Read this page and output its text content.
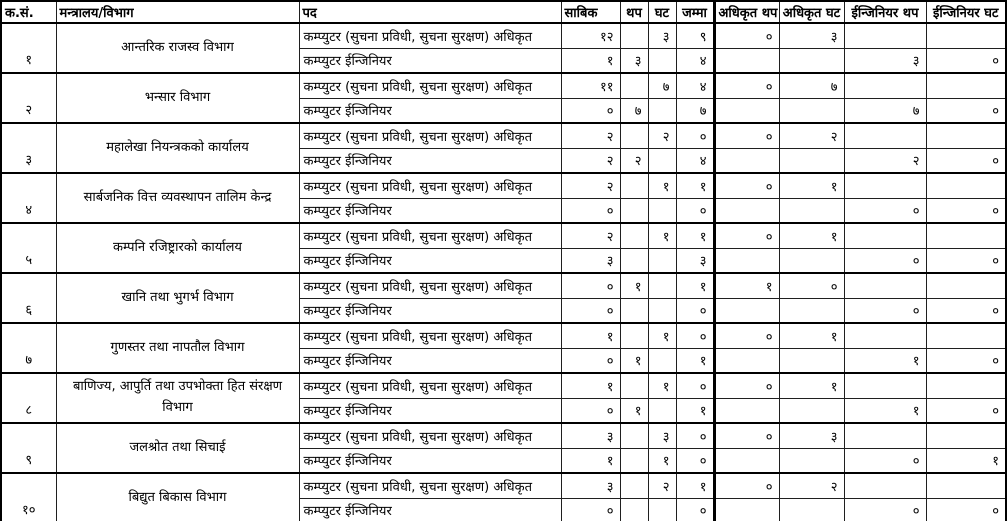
क.सं.	मन्त्रालय/विभाग	पद	साबिक	थप	घट	जम्मा	अधिकृत थप	अधिकृत घट	ईन्जिनियर थप	ईन्जिनियर घट
१	आन्तरिक राजस्व विभाग	कम्प्युटर (सुचना प्रविधी, सुचना सुरक्षण) अधिकृत	१२		३	९	०	३		
		कम्प्युटर ईन्जिनियर	१	३		४			३	०
२	भन्सार विभाग	कम्प्युटर (सुचना प्रविधी, सुचना सुरक्षण) अधिकृत	११		७	४	०	७		
		कम्प्युटर ईन्जिनियर	०	७		७			७	०
३	महालेखा नियन्त्रकको कार्यालय	कम्प्युटर (सुचना प्रविधी, सुचना सुरक्षण) अधिकृत	२		२	०	०	२		
		कम्प्युटर ईन्जिनियर	२	२		४			२	०
४	सार्बजनिक वित्त व्यवस्थापन तालिम केन्द्र	कम्प्युटर (सुचना प्रविधी, सुचना सुरक्षण) अधिकृत	२		१	१	०	१		
		कम्प्युटर ईन्जिनियर	०			०			०	०
५	कम्पनि रजिष्ट्रारको कार्यालय	कम्प्युटर (सुचना प्रविधी, सुचना सुरक्षण) अधिकृत	२		१	१	०	१		
		कम्प्युटर ईन्जिनियर	३			३			०	०
६	खानि तथा भुगर्भ विभाग	कम्प्युटर (सुचना प्रविधी, सुचना सुरक्षण) अधिकृत	०	१		१	१	०		
		कम्प्युटर ईन्जिनियर	०			०			०	०
७	गुणस्तर तथा नापतौल विभाग	कम्प्युटर (सुचना प्रविधी, सुचना सुरक्षण) अधिकृत	१		१	०	०	१		
		कम्प्युटर ईन्जिनियर	०	१		१			१	०
८	बाणिज्य, आपुर्ति तथा उपभोक्ता हित संरक्षण विभाग	कम्प्युटर (सुचना प्रविधी, सुचना सुरक्षण) अधिकृत	१		१	०	०	१		
		कम्प्युटर ईन्जिनियर	०	१		१			१	०
९	जलश्रोत तथा सिचाई	कम्प्युटर (सुचना प्रविधी, सुचना सुरक्षण) अधिकृत	३		३	०	०	३		
		कम्प्युटर ईन्जिनियर	१		१	०			०	१
१०	बिद्युत बिकास विभाग	कम्प्युटर (सुचना प्रविधी, सुचना सुरक्षण) अधिकृत	३		२	१	०	२		
		कम्प्युटर ईन्जिनियर	०			०			०	०
